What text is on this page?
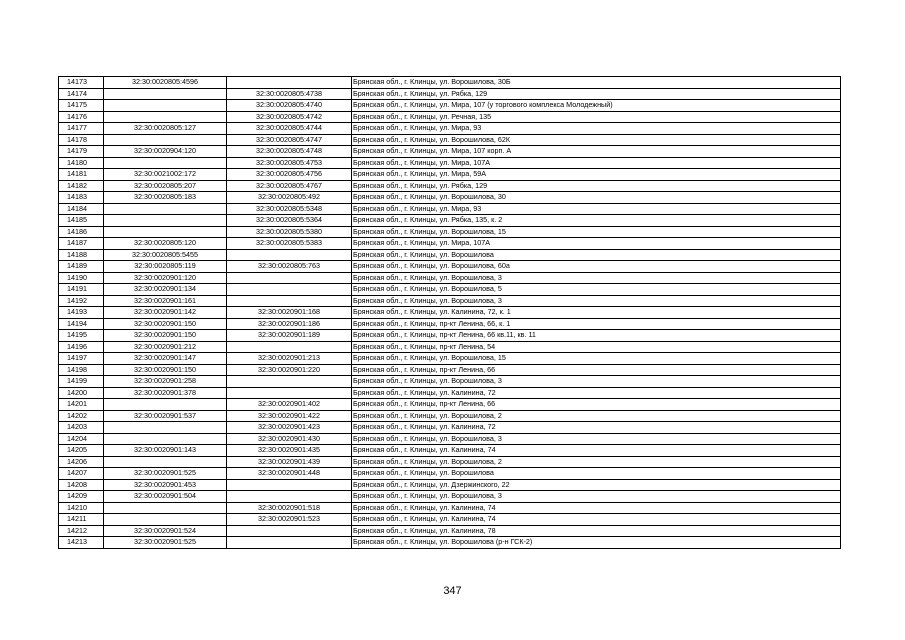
14173	32:30:0020805:4596		Брянская обл., г. Клинцы, ул. Ворошилова, 30Б
14174		32:30:0020805:4738	Брянская обл., г. Клинцы, ул. Рябка, 129
14175		32:30:0020805:4740	Брянская обл., г. Клинцы, ул. Мира, 107 (у торгового комплекса Молодежный)
14176		32:30:0020805:4742	Брянская обл., г. Клинцы, ул. Речная, 135
14177	32:30:0020805:127	32:30:0020805:4744	Брянская обл., г. Клинцы, ул. Мира, 93
14178		32:30:0020805:4747	Брянская обл., г. Клинцы, ул. Ворошилова, 62К
14179	32:30:0020904:120	32:30:0020805:4748	Брянская обл., г. Клинцы, ул. Мира, 107 корп. А
14180		32:30:0020805:4753	Брянская обл., г. Клинцы, ул. Мира, 107А
14181	32:30:0021002:172	32:30:0020805:4756	Брянская обл., г. Клинцы, ул. Мира, 59А
14182	32:30:0020805:207	32:30:0020805:4767	Брянская обл., г. Клинцы, ул. Рябка, 129
14183	32:30:0020805:183	32:30:0020805:492	Брянская обл., г. Клинцы, ул. Ворошилова, 30
14184		32:30:0020805:5348	Брянская обл., г. Клинцы, ул. Мира, 93
14185		32:30:0020805:5364	Брянская обл., г. Клинцы, ул. Рябка, 135, к. 2
14186		32:30:0020805:5380	Брянская обл., г. Клинцы, ул. Ворошилова, 15
14187	32:30:0020805:120	32:30:0020805:5383	Брянская обл., г. Клинцы, ул. Мира, 107А
14188	32:30:0020805:5455		Брянская обл., г. Клинцы, ул. Ворошилова
14189	32:30:0020805:119	32:30:0020805:763	Брянская обл., г. Клинцы, ул. Ворошилова, 60а
14190	32:30:0020901:120		Брянская обл., г. Клинцы, ул. Ворошилова, 3
14191	32:30:0020901:134		Брянская обл., г. Клинцы, ул. Ворошилова, 5
14192	32:30:0020901:161		Брянская обл., г. Клинцы, ул. Ворошилова, 3
14193	32:30:0020901:142	32:30:0020901:168	Брянская обл., г. Клинцы, ул. Калинина, 72, к. 1
14194	32:30:0020901:150	32:30:0020901:186	Брянская обл., г. Клинцы, пр-кт Ленина, 66, к. 1
14195	32:30:0020901:150	32:30:0020901:189	Брянская обл., г. Клинцы, пр-кт Ленина, 66 кв.11, кв. 11
14196	32:30:0020901:212		Брянская обл., г. Клинцы, пр-кт Ленина, 54
14197	32:30:0020901:147	32:30:0020901:213	Брянская обл., г. Клинцы, ул. Ворошилова, 15
14198	32:30:0020901:150	32:30:0020901:220	Брянская обл., г. Клинцы, пр-кт Ленина, 66
14199	32:30:0020901:258		Брянская обл., г. Клинцы, ул. Ворошилова, 3
14200	32:30:0020901:378		Брянская обл., г. Клинцы, ул. Калинина, 72
14201		32:30:0020901:402	Брянская обл., г. Клинцы, пр-кт Ленина, 66
14202	32:30:0020901:537	32:30:0020901:422	Брянская обл., г. Клинцы, ул. Ворошилова, 2
14203		32:30:0020901:423	Брянская обл., г. Клинцы, ул. Калинина, 72
14204		32:30:0020901:430	Брянская обл., г. Клинцы, ул. Ворошилова, 3
14205	32:30:0020901:143	32:30:0020901:435	Брянская обл., г. Клинцы, ул. Калинина, 74
14206		32:30:0020901:439	Брянская обл., г. Клинцы, ул. Ворошилова, 2
14207	32:30:0020901:525	32:30:0020901:448	Брянская обл., г. Клинцы, ул. Ворошилова
14208	32:30:0020901:453		Брянская обл., г. Клинцы, ул. Дзержинского, 22
14209	32:30:0020901:504		Брянская обл., г. Клинцы, ул. Ворошилова, 3
14210		32:30:0020901:518	Брянская обл., г. Клинцы, ул. Калинина, 74
14211		32:30:0020901:523	Брянская обл., г. Клинцы, ул. Калинина, 74
14212	32:30:0020901:524		Брянская обл., г. Клинцы, ул. Калинина, 78
14213	32:30:0020901:525		Брянская обл., г. Клинцы, ул. Ворошилова (р-н ГСК-2)
347
